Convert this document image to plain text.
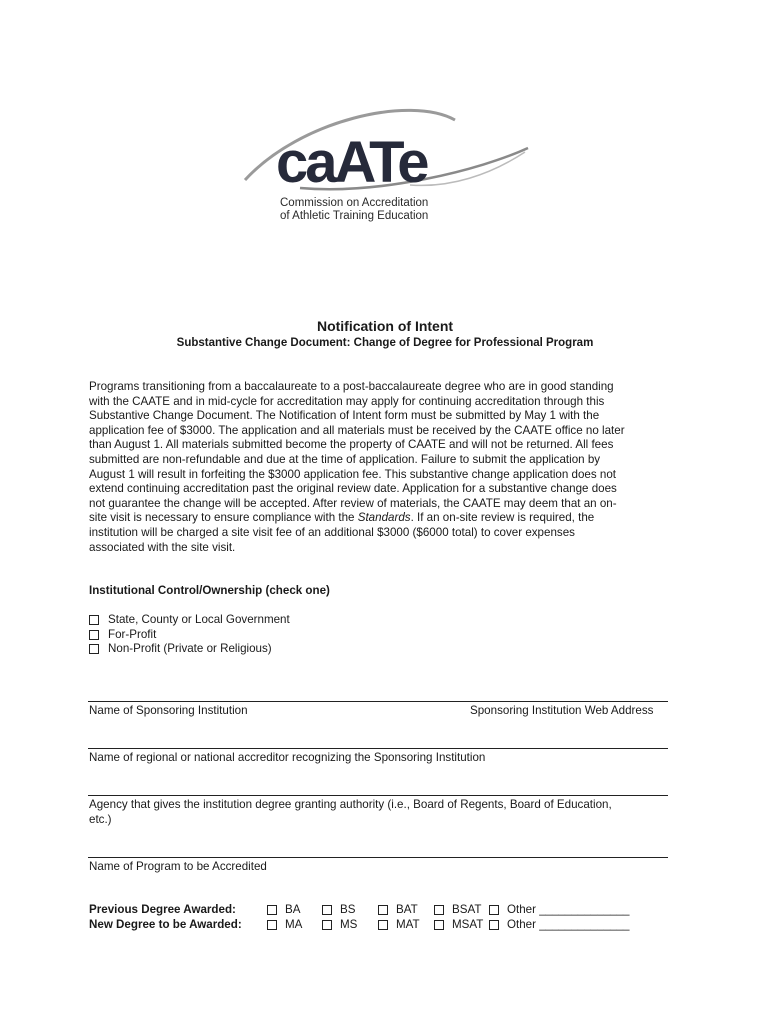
caATe
Commission on Accreditation
of Athletic Training Education
Notification of Intent
Substantive Change Document: Change of Degree for Professional Program
Programs transitioning from a baccalaureate to a post-baccalaureate degree who are in good standing
with the CAATE and in mid-cycle for accreditation may apply for continuing accreditation through this
Substantive Change Document. The Notification of Intent form must be submitted by May 1 with the
application fee of $3000. The application and all materials must be received by the CAATE office no later
than August 1. All materials submitted become the property of CAATE and will not be returned. All fees
submitted are non-refundable and due at the time of application. Failure to submit the application by
August 1 will result in forfeiting the $3000 application fee. This substantive change application does not
extend continuing accreditation past the original review date. Application for a substantive change does
not guarantee the change will be accepted. After review of materials, the CAATE may deem that an on-
site visit is necessary to ensure compliance with the Standards. If an on-site review is required, the
institution will be charged a site visit fee of an additional $3000 ($6000 total) to cover expenses
associated with the site visit.
Institutional Control/Ownership (check one)
State, County or Local Government
For-Profit
Non-Profit (Private or Religious)
Name of Sponsoring Institution	Sponsoring Institution Web Address
Name of regional or national accreditor recognizing the Sponsoring Institution
Agency that gives the institution degree granting authority (i.e., Board of Regents, Board of Education,
etc.)
Name of Program to be Accredited
Previous Degree Awarded:	BA	BS	BAT	BSAT Other ______________
New Degree to be Awarded:	MA	MS	MAT	MSAT Other ______________
